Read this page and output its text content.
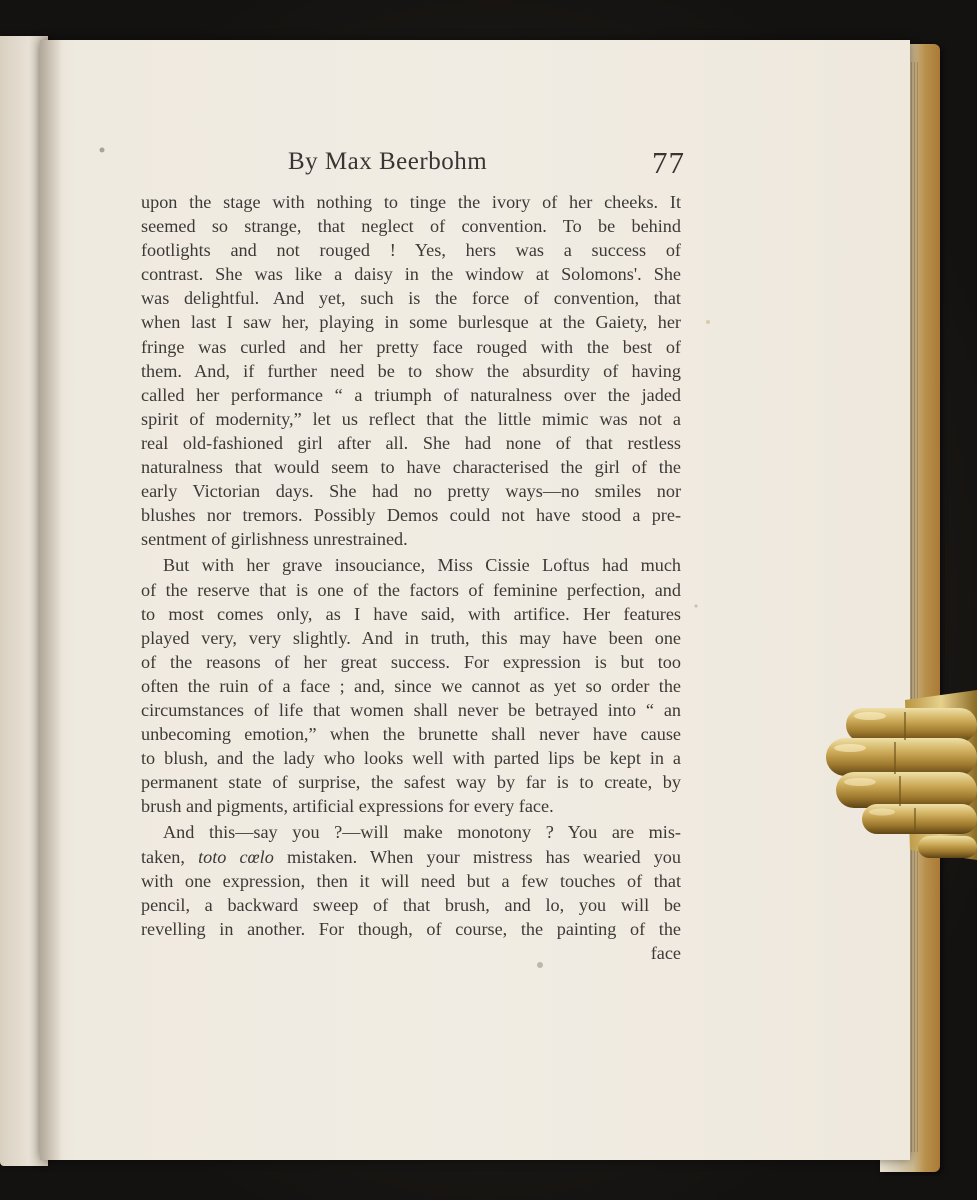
By Max Beerbohm	77
upon the stage with nothing to tinge the ivory of her cheeks. It
seemed so strange, that neglect of convention. To be behind
footlights and not rouged ! Yes, hers was a success of
contrast. She was like a daisy in the window at Solomons'. She
was delightful. And yet, such is the force of convention, that
when last I saw her, playing in some burlesque at the Gaiety, her
fringe was curled and her pretty face rouged with the best of
them. And, if further need be to show the absurdity of having
called her performance “ a triumph of naturalness over the jaded
spirit of modernity,” let us reflect that the little mimic was not a
real old-fashioned girl after all. She had none of that restless
naturalness that would seem to have characterised the girl of the
early Victorian days. She had no pretty ways—no smiles nor
blushes nor tremors. Possibly Demos could not have stood a pre-
sentment of girlishness unrestrained.
But with her grave insouciance, Miss Cissie Loftus had much
of the reserve that is one of the factors of feminine perfection, and
to most comes only, as I have said, with artifice. Her features
played very, very slightly. And in truth, this may have been one
of the reasons of her great success. For expression is but too
often the ruin of a face ; and, since we cannot as yet so order the
circumstances of life that women shall never be betrayed into “ an
unbecoming emotion,” when the brunette shall never have cause
to blush, and the lady who looks well with parted lips be kept in a
permanent state of surprise, the safest way by far is to create, by
brush and pigments, artificial expressions for every face.
And this—say you ?—will make monotony ? You are mis-
taken, toto cœlo mistaken. When your mistress has wearied you
with one expression, then it will need but a few touches of that
pencil, a backward sweep of that brush, and lo, you will be
revelling in another. For though, of course, the painting of the
face
